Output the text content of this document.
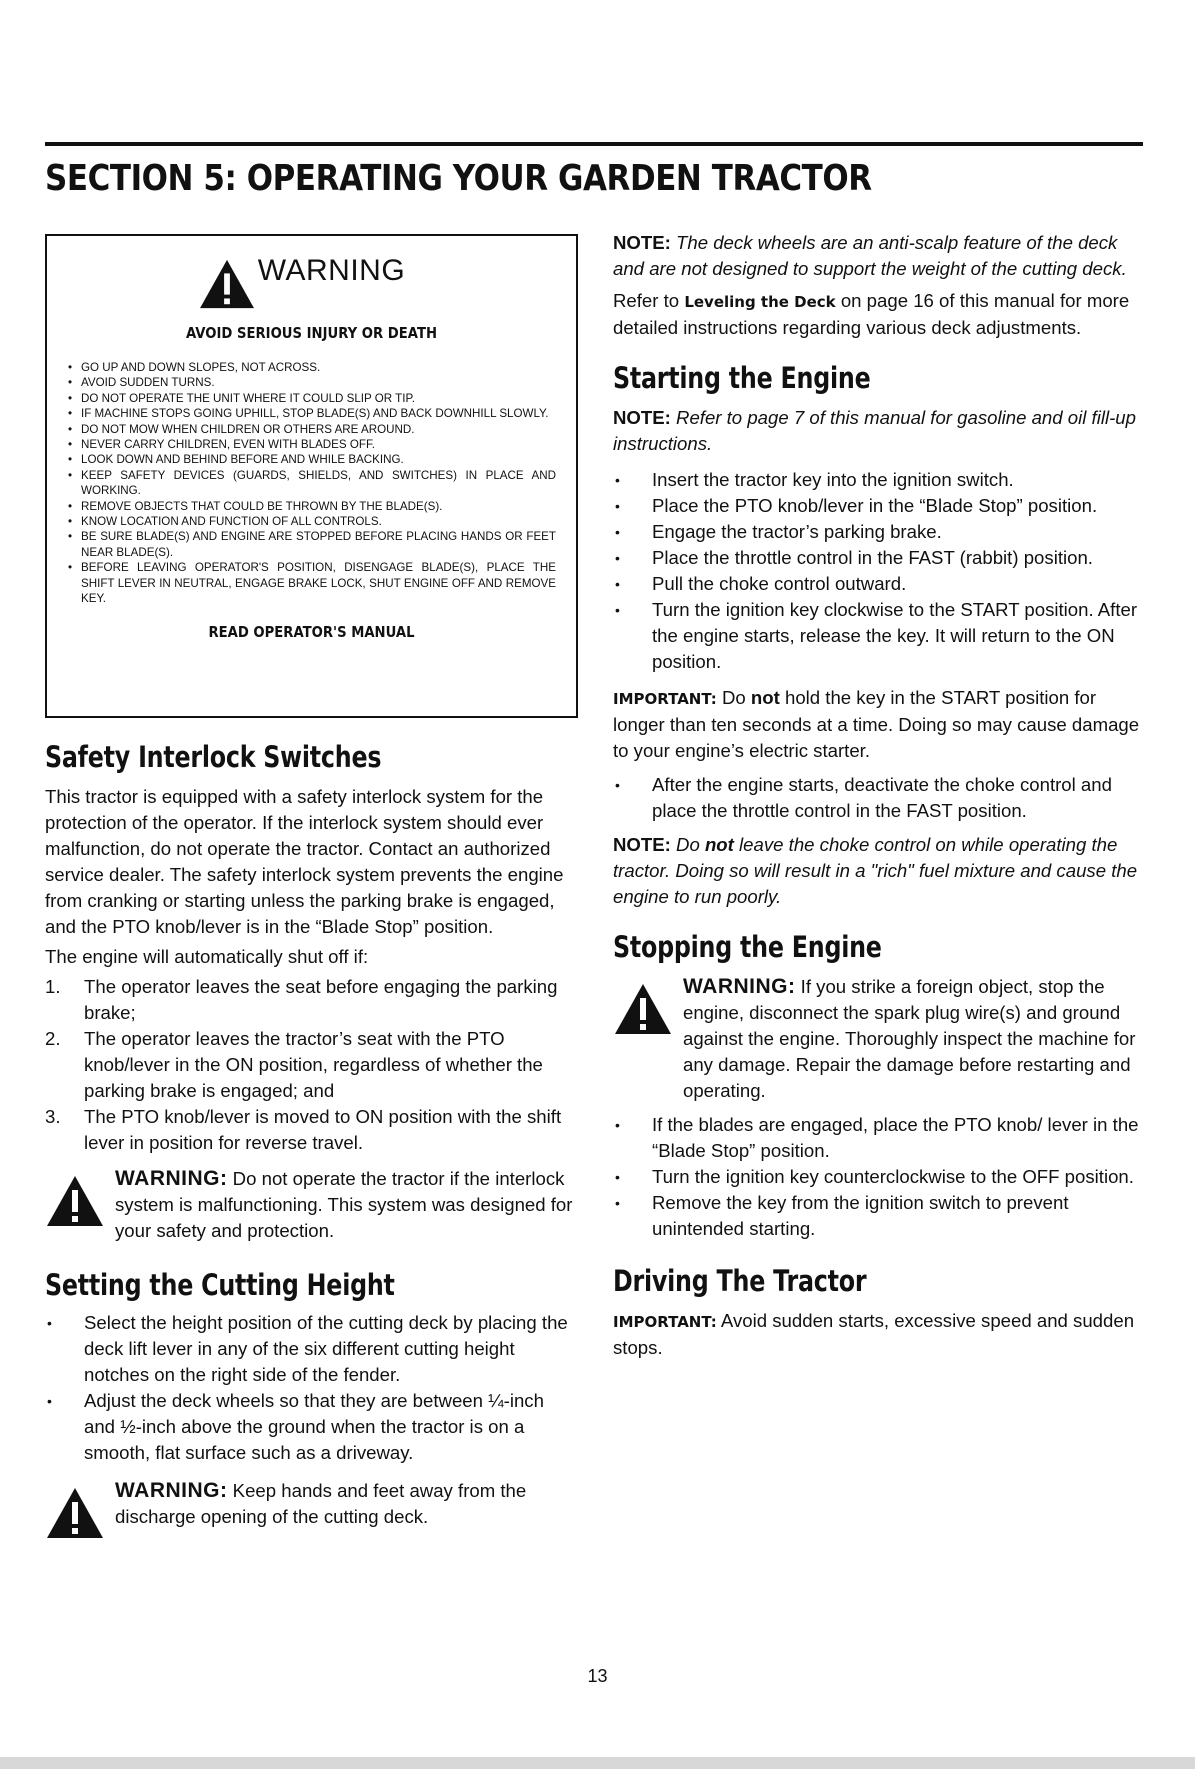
SECTION 5: OPERATING YOUR GARDEN TRACTOR
WARNING
AVOID SERIOUS INJURY OR DEATH
• GO UP AND DOWN SLOPES, NOT ACROSS.
• AVOID SUDDEN TURNS.
• DO NOT OPERATE THE UNIT WHERE IT COULD SLIP OR TIP.
• IF MACHINE STOPS GOING UPHILL, STOP BLADE(S) AND BACK DOWNHILL SLOWLY.
• DO NOT MOW WHEN CHILDREN OR OTHERS ARE AROUND.
• NEVER CARRY CHILDREN, EVEN WITH BLADES OFF.
• LOOK DOWN AND BEHIND BEFORE AND WHILE BACKING.
• KEEP SAFETY DEVICES (GUARDS, SHIELDS, AND SWITCHES) IN PLACE AND WORKING.
• REMOVE OBJECTS THAT COULD BE THROWN BY THE BLADE(S).
• KNOW LOCATION AND FUNCTION OF ALL CONTROLS.
• BE SURE BLADE(S) AND ENGINE ARE STOPPED BEFORE PLACING HANDS OR FEET NEAR BLADE(S).
• BEFORE LEAVING OPERATOR'S POSITION, DISENGAGE BLADE(S), PLACE THE SHIFT LEVER IN NEUTRAL, ENGAGE BRAKE LOCK, SHUT ENGINE OFF AND REMOVE KEY.
READ OPERATOR'S MANUAL
Safety Interlock Switches

This tractor is equipped with a safety interlock system for the protection of the operator. If the interlock system should ever malfunction, do not operate the tractor. Contact an authorized service dealer. The safety interlock system prevents the engine from cranking or starting unless the parking brake is engaged, and the PTO knob/lever is in the “Blade Stop” position.

The engine will automatically shut off if:

1. The operator leaves the seat before engaging the parking brake;
2. The operator leaves the tractor’s seat with the PTO knob/lever in the ON position, regardless of whether the parking brake is engaged; and
3. The PTO knob/lever is moved to ON position with the shift lever in position for reverse travel.
WARNING: Do not operate the tractor if the interlock system is malfunctioning. This system was designed for your safety and protection.
Setting the Cutting Height
• Select the height position of the cutting deck by placing the deck lift lever in any of the six different cutting height notches on the right side of the fender.
• Adjust the deck wheels so that they are between ¼-inch and ½-inch above the ground when the tractor is on a smooth, flat surface such as a driveway.
WARNING: Keep hands and feet away from the discharge opening of the cutting deck.

NOTE: The deck wheels are an anti-scalp feature of the deck and are not designed to support the weight of the cutting deck.

Refer to Leveling the Deck on page 16 of this manual for more detailed instructions regarding various deck adjustments.

Starting the Engine

NOTE: Refer to page 7 of this manual for gasoline and oil fill-up instructions.

• Insert the tractor key into the ignition switch.
• Place the PTO knob/lever in the “Blade Stop” position.
• Engage the tractor’s parking brake.
• Place the throttle control in the FAST (rabbit) position.
• Pull the choke control outward.
• Turn the ignition key clockwise to the START position. After the engine starts, release the key. It will return to the ON position.

IMPORTANT: Do not hold the key in the START position for longer than ten seconds at a time. Doing so may cause damage to your engine’s electric starter.

• After the engine starts, deactivate the choke control and place the throttle control in the FAST position.

NOTE: Do not leave the choke control on while operating the tractor. Doing so will result in a "rich" fuel mixture and cause the engine to run poorly.

Stopping the Engine
WARNING: If you strike a foreign object, stop the engine, disconnect the spark plug wire(s) and ground against the engine. Thoroughly inspect the machine for any damage. Repair the damage before restarting and operating.
• If the blades are engaged, place the PTO knob/ lever in the “Blade Stop” position.
• Turn the ignition key counterclockwise to the OFF position.
• Remove the key from the ignition switch to prevent unintended starting.
Driving The Tractor

IMPORTANT: Avoid sudden starts, excessive speed and sudden stops.

13
